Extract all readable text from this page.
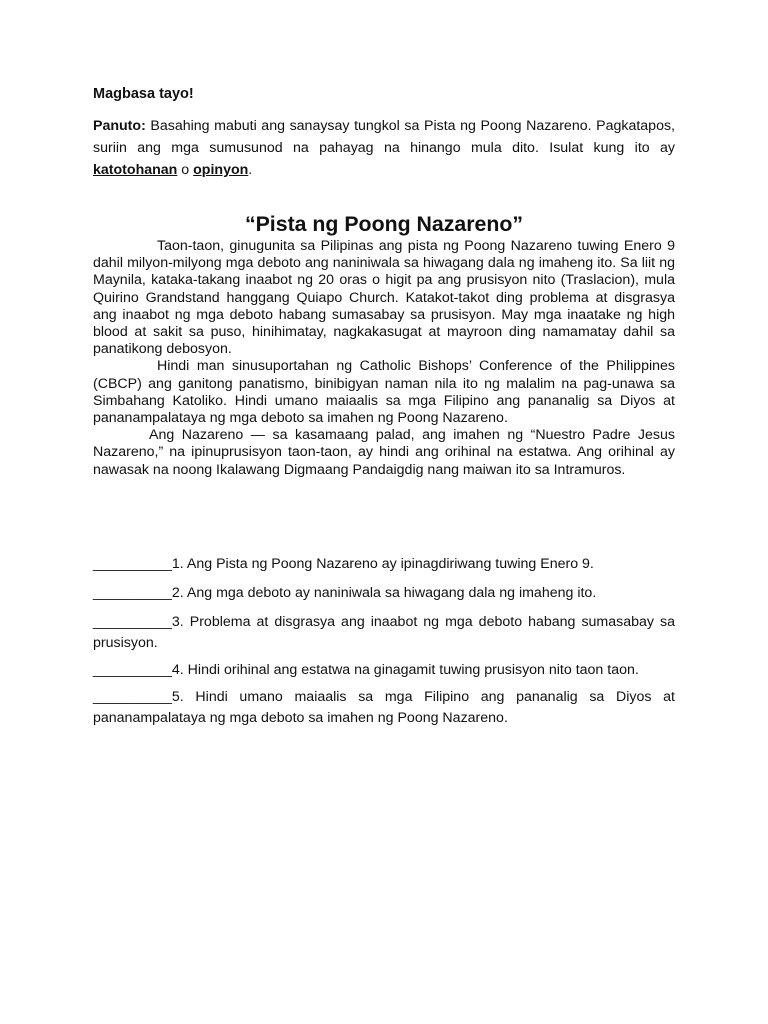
Magbasa tayo!

Panuto: Basahing mabuti ang sanaysay tungkol sa Pista ng Poong Nazareno. Pagkatapos, suriin ang mga sumusunod na pahayag na hinango mula dito. Isulat kung ito ay katotohanan o opinyon.

“Pista ng Poong Nazareno”

Taon-taon, ginugunita sa Pilipinas ang pista ng Poong Nazareno tuwing Enero 9 dahil milyon-milyong mga deboto ang naniniwala sa hiwagang dala ng imaheng ito. Sa liit ng Maynila, kataka-takang inaabot ng 20 oras o higit pa ang prusisyon nito (Traslacion), mula Quirino Grandstand hanggang Quiapo Church. Katakot-takot ding problema at disgrasya ang inaabot ng mga deboto habang sumasabay sa prusisyon. May mga inaatake ng high blood at sakit sa puso, hinihimatay, nagkakasugat at mayroon ding namamatay dahil sa panatikong debosyon.

Hindi man sinusuportahan ng Catholic Bishops’ Conference of the Philippines (CBCP) ang ganitong panatismo, binibigyan naman nila ito ng malalim na pag-unawa sa Simbahang Katoliko. Hindi umano maiaalis sa mga Filipino ang pananalig sa Diyos at pananampalataya ng mga deboto sa imahen ng Poong Nazareno.

Ang Nazareno — sa kasamaang palad, ang imahen ng “Nuestro Padre Jesus Nazareno,” na ipinuprusisyon taon-taon, ay hindi ang orihinal na estatwa. Ang orihinal ay nawasak na noong Ikalawang Digmaang Pandaigdig nang maiwan ito sa Intramuros.

__________1. Ang Pista ng Poong Nazareno ay ipinagdiriwang tuwing Enero 9.

__________2. Ang mga deboto ay naniniwala sa hiwagang dala ng imaheng ito.

__________3. Problema at disgrasya ang inaabot ng mga deboto habang sumasabay sa prusisyon.

__________4. Hindi orihinal ang estatwa na ginagamit tuwing prusisyon nito taon taon.

__________5. Hindi umano maiaalis sa mga Filipino ang pananalig sa Diyos at pananampalataya ng mga deboto sa imahen ng Poong Nazareno.
